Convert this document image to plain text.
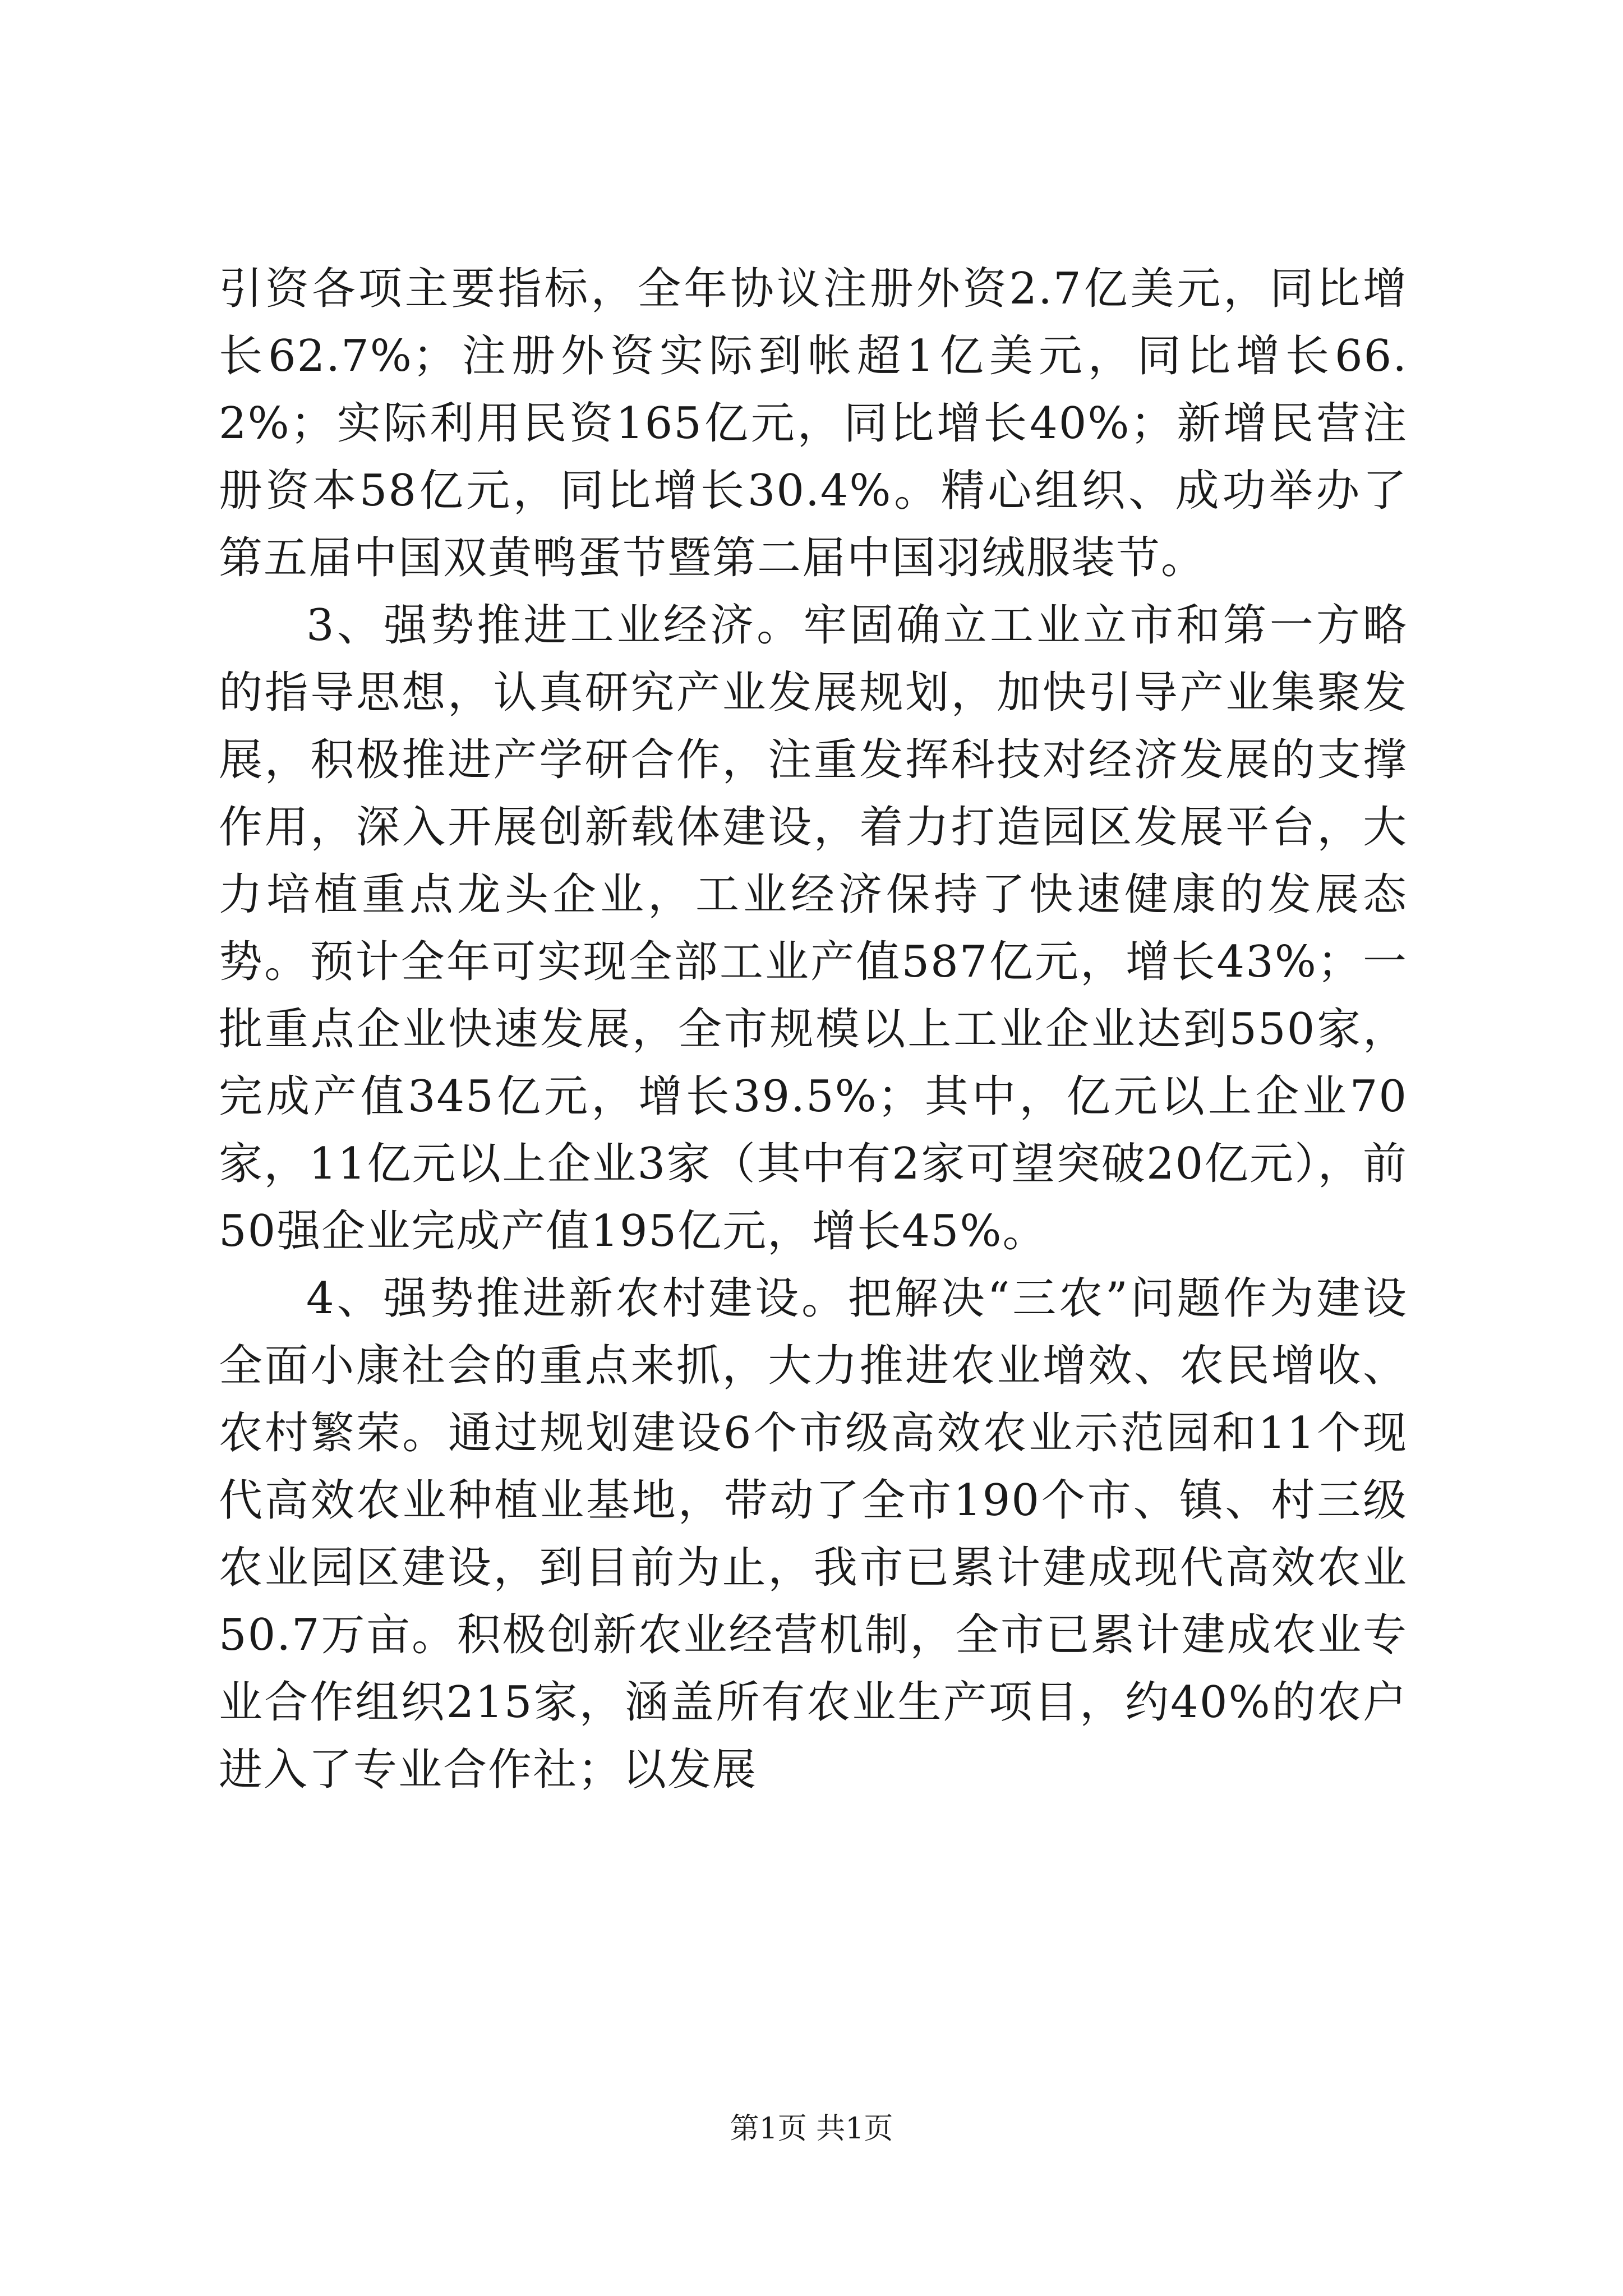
引资各项主要指标，全年协议注册外资2.7亿美元，同比增长62.7%；注册外资实际到帐超1亿美元，同比增长66.2%；实际利用民资165亿元，同比增长40%；新增民营注册资本58亿元，同比增长30.4%。精心组织、成功举办了第五届中国双黄鸭蛋节暨第二届中国羽绒服装节。

3、强势推进工业经济。牢固确立工业立市和第一方略的指导思想，认真研究产业发展规划，加快引导产业集聚发展，积极推进产学研合作，注重发挥科技对经济发展的支撑作用，深入开展创新载体建设，着力打造园区发展平台，大力培植重点龙头企业，工业经济保持了快速健康的发展态势。预计全年可实现全部工业产值587亿元，增长43%；一批重点企业快速发展，全市规模以上工业企业达到550家，完成产值345亿元，增长39.5%；其中，亿元以上企业70家，11亿元以上企业3家（其中有2家可望突破20亿元），前50强企业完成产值195亿元，增长45%。

4、强势推进新农村建设。把解决“三农”问题作为建设全面小康社会的重点来抓，大力推进农业增效、农民增收、农村繁荣。通过规划建设6个市级高效农业示范园和11个现代高效农业种植业基地，带动了全市190个市、镇、村三级农业园区建设，到目前为止，我市已累计建成现代高效农业50.7万亩。积极创新农业经营机制，全市已累计建成农业专业合作组织215家，涵盖所有农业生产项目，约40%的农户进入了专业合作社；以发展

第1页 共1页
